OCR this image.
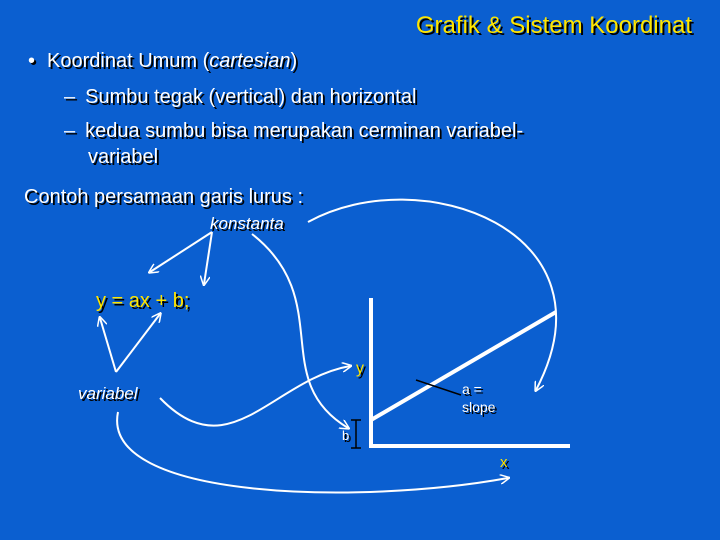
Grafik & Sistem Koordinat
• Koordinat Umum (cartesian)
– Sumbu tegak (vertical) dan horizontal
– kedua sumbu bisa merupakan cerminan variabel-
variabel
Contoh persamaan garis lurus :
konstanta
y = ax + b;
variabel
y
a =
slope
b
x
